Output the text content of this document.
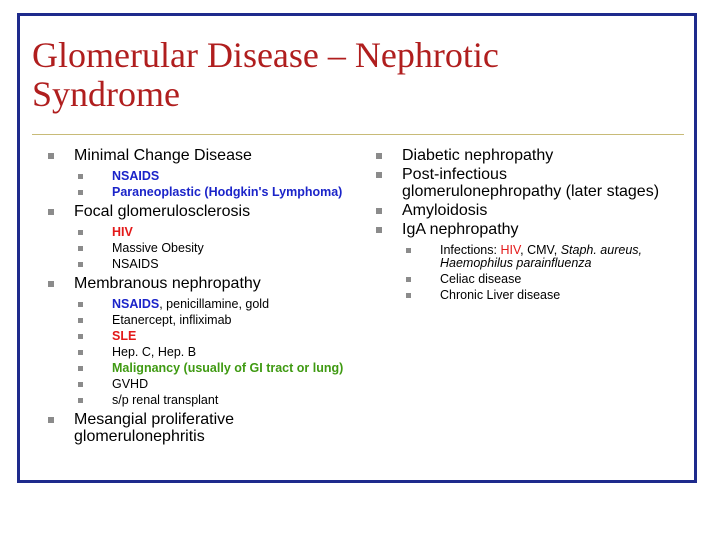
Glomerular Disease – Nephrotic Syndrome
Minimal Change Disease
NSAIDS
Paraneoplastic (Hodgkin's Lymphoma)
Focal glomerulosclerosis
HIV
Massive Obesity
NSAIDS
Membranous nephropathy
NSAIDS, penicillamine, gold
Etanercept, infliximab
SLE
Hep. C, Hep. B
Malignancy (usually of GI tract or lung)
GVHD
s/p renal transplant
Mesangial proliferative glomerulonephritis
Diabetic nephropathy
Post-infectious glomerulonephropathy (later stages)
Amyloidosis
IgA nephropathy
Infections: HIV, CMV, Staph. aureus, Haemophilus parainfluenza
Celiac disease
Chronic Liver disease
